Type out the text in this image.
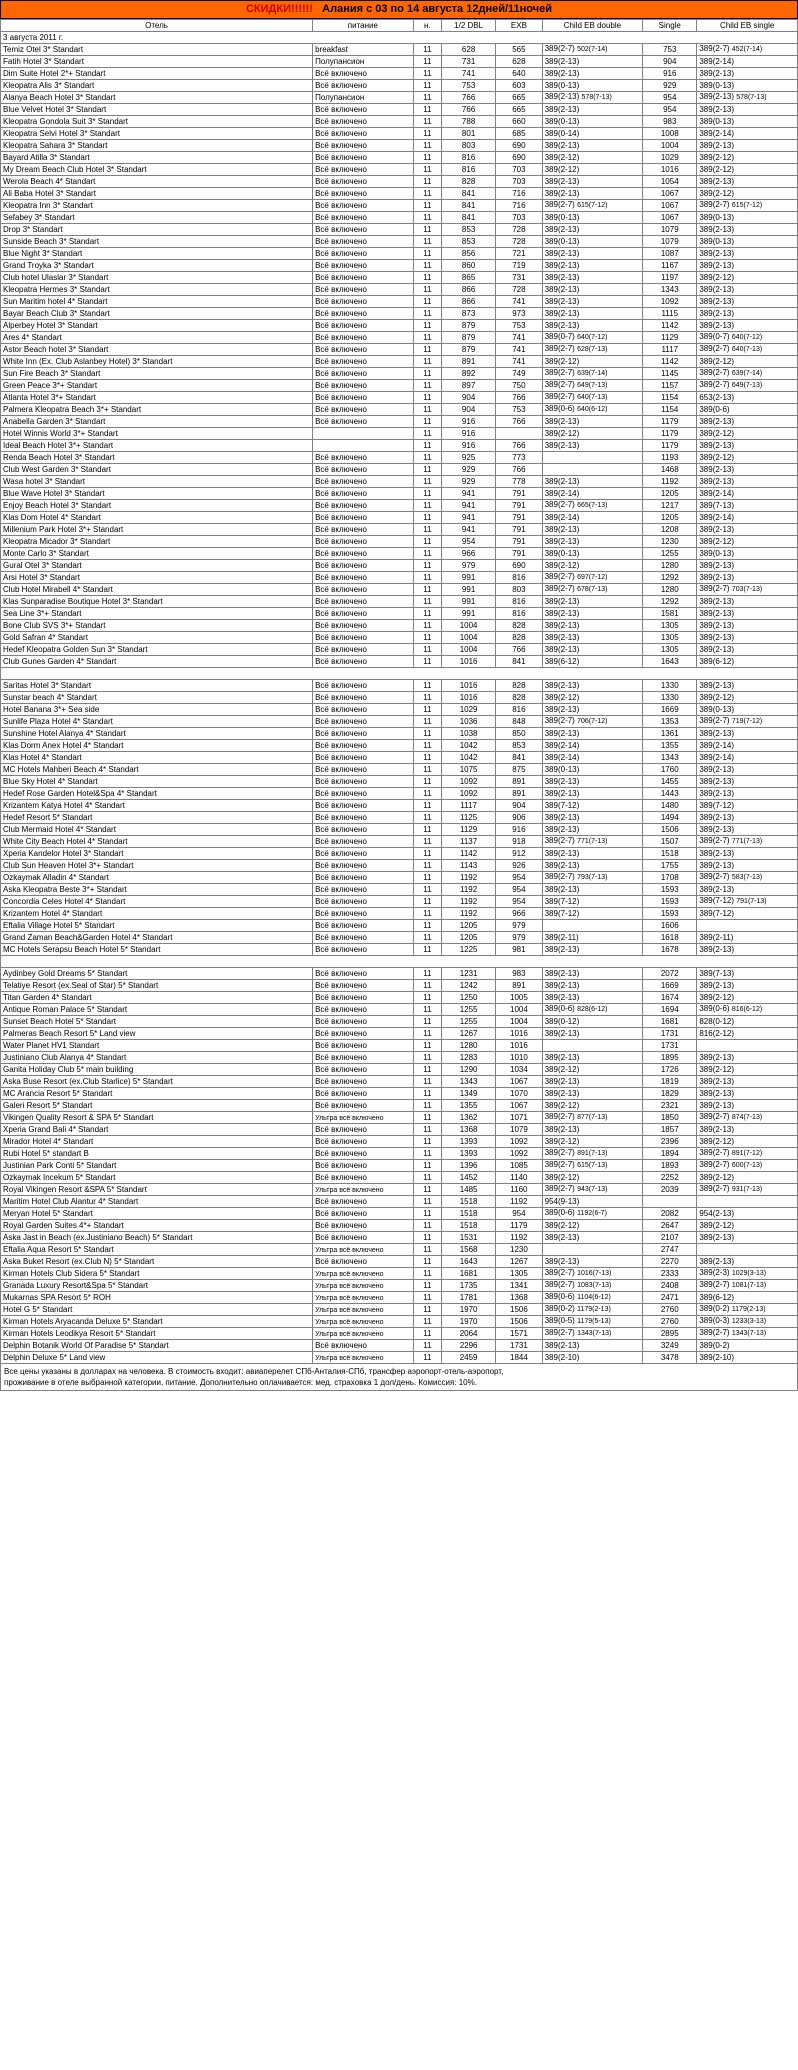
СКИДКИ!!!!!! Алания с 03 по 14 августа 12дней/11ночей
Отель	питание	н.	1/2 DBL	EXB	Child EB double	Single	Child EB single
3 августа 2011 г.							
Temiz Otel 3* Standart	breakfast	11	628	565	389(2-7) 502(7-14)	753	389(2-7) 452(7-14)
Fatih Hotel 3* Standart	Полупансион	11	731	628	389(2-13)	904	389(2-14)
Dim Suite Hotel 2*+ Standart	Всё включено	11	741	640	389(2-13)	916	389(2-13)
Kleopatra Alis 3* Standart	Всё включено	11	753	603	389(0-13)	929	389(0-13)
Alanya Beach Hotel 3* Standart	Полупансион	11	766	665	389(2-13) 578(7-13)	954	389(2-13) 578(7-13)
Blue Velvet Hotel 3* Standart	Всё включено	11	766	665	389(2-13)	954	389(2-13)
Kleopatra Gondola Suit 3* Standart	Всё включено	11	788	660	389(0-13)	983	389(0-13)
Kleopatra Selvi Hotel 3* Standart	Всё включено	11	801	685	389(0-14)	1008	389(2-14)
Kleopatra Sahara 3* Standart	Всё включено	11	803	690	389(2-13)	1004	389(2-13)
Bayard Atilla 3* Standart	Всё включено	11	816	690	389(2-12)	1029	389(2-12)
My Dream Beach Club Hotel 3* Standart	Всё включено	11	816	703	389(2-12)	1016	389(2-12)
Werola Beach 4* Standart	Всё включено	11	828	703	389(2-13)	1054	389(2-13)
Ali Baba Hotel 3* Standart	Всё включено	11	841	716	389(2-13)	1067	389(2-12)
Kleopatra Inn 3* Standart	Всё включено	11	841	716	389(2-7) 615(7-12)	1067	389(2-7) 615(7-12)
Sefabey 3* Standart	Всё включено	11	841	703	389(0-13)	1067	389(0-13)
Drop 3* Standart	Всё включено	11	853	728	389(2-13)	1079	389(2-13)
Sunside Beach 3* Standart	Всё включено	11	853	728	389(0-13)	1079	389(0-13)
Blue Night 3* Standart	Всё включено	11	856	721	389(2-13)	1087	389(2-13)
Grand Troyka 3* Standart	Всё включено	11	860	719	389(2-13)	1167	389(2-13)
Club hotel Ulaslar 3* Standart	Всё включено	11	865	731	389(2-13)	1197	389(2-12)
Kleopatra Hermes 3* Standart	Всё включено	11	866	728	389(2-13)	1343	389(2-13)
Sun Maritim hotel 4* Standart	Всё включено	11	866	741	389(2-13)	1092	389(2-13)
Bayar Beach Club 3* Standart	Всё включено	11	873	973	389(2-13)	1115	389(2-13)
Alperbey Hotel 3* Standart	Всё включено	11	879	753	389(2-13)	1142	389(2-13)
Ares 4* Standart	Всё включено	11	879	741	389(0-7) 640(7-12)	1129	389(0-7) 640(7-12)
Astor Beach hotel 3* Standart	Всё включено	11	879	741	389(2-7) 628(7-13)	1117	389(2-7) 640(7-13)
White Inn (Ex. Club Aslanbey Hotel) 3* Standart	Всё включено	11	891	741	389(2-12)	1142	389(2-12)
Sun Fire Beach 3* Standart	Всё включено	11	892	749	389(2-7) 639(7-14)	1145	389(2-7) 639(7-14)
Green Peace 3*+ Standart	Всё включено	11	897	750	389(2-7) 649(7-13)	1157	389(2-7) 649(7-13)
Atlanta Hotel 3*+ Standart	Всё включено	11	904	766	389(2-7) 640(7-13)	1154	653(2-13)
Palmera Kleopatra Beach 3*+ Standart	Всё включено	11	904	753	389(0-6) 640(6-12)	1154	389(0-6)
Anabella Garden 3* Standart	Всё включено	11	916	766	389(2-13)	1179	389(2-13)
Hotel Winnis World 3*+ Standart		11	916		389(2-12)	1179	389(2-12)
Ideal Beach Hotel 3*+ Standart		11	916	766	389(2-13)	1179	389(2-13)
Renda Beach Hotel 3* Standart	Всё включено	11	925	773		1193	389(2-12)
Club West Garden 3* Standart	Всё включено	11	929	766		1468	389(2-13)
Wasa hotel 3* Standart	Всё включено	11	929	778	389(2-13)	1192	389(2-13)
Blue Wave Hotel 3* Standart	Всё включено	11	941	791	389(2-14)	1205	389(2-14)
Enjoy Beach Hotel 3* Standart	Всё включено	11	941	791	389(2-7) 665(7-13)	1217	389(7-13)
Klas Dom Hotel 4* Standart	Всё включено	11	941	791	389(2-14)	1205	389(2-14)
Millenium Park Hotel 3*+ Standart	Всё включено	11	941	791	389(2-13)	1208	389(2-13)
Kleopatra Micador 3* Standart	Всё включено	11	954	791	389(2-13)	1230	389(2-12)
Monte Carlo 3* Standart	Всё включено	11	966	791	389(0-13)	1255	389(0-13)
Gural Otel 3* Standart	Всё включено	11	979	690	389(2-12)	1280	389(2-13)
Arsi Hotel 3* Standart	Всё включено	11	991	816	389(2-7) 697(7-12)	1292	389(2-13)
Club Hotel Mirabell 4* Standart	Всё включено	11	991	803	389(2-7) 678(7-13)	1280	389(2-7) 703(7-13)
Klas Sunparadise Boutique Hotel 3* Standart	Всё включено	11	991	816	389(2-13)	1292	389(2-13)
Sea Line 3*+ Standart	Всё включено	11	991	816	389(2-13)	1581	389(2-13)
Bone Club SVS 3*+ Standart	Всё включено	11	1004	828	389(2-13)	1305	389(2-13)
Gold Safran 4* Standart	Всё включено	11	1004	828	389(2-13)	1305	389(2-13)
Hedef Kleopatra Golden Sun 3* Standart	Всё включено	11	1004	766	389(2-13)	1305	389(2-13)
Club Gunes Garden 4* Standart	Всё включено	11	1016	841	389(6-12)	1643	389(6-12)

Saritas Hotel 3* Standart	Всё включено	11	1016	828	389(2-13)	1330	389(2-13)
Sunstar beach 4* Standart	Всё включено	11	1016	828	389(2-12)	1330	389(2-12)
Hotel Banana 3*+ Sea side	Всё включено	11	1029	816	389(2-13)	1669	389(0-13)
Sunlife Plaza Hotel 4* Standart	Всё включено	11	1036	848	389(2-7) 706(7-12)	1353	389(2-7) 719(7-12)
Sunshine Hotel Alanya 4* Standart	Всё включено	11	1038	850	389(2-13)	1361	389(2-13)
Klas Dorm Anex Hotel 4* Standart	Всё включено	11	1042	853	389(2-14)	1355	389(2-14)
Klas Hotel 4* Standart	Всё включено	11	1042	841	389(2-14)	1343	389(2-14)
MC Hotels Mahberi Beach 4* Standart	Всё включено	11	1075	875	389(0-13)	1760	389(2-13)
Blue Sky Hotel 4* Standart	Всё включено	11	1092	891	389(2-13)	1455	389(2-13)
Hedef Rose Garden Hotel&Spa 4* Standart	Всё включено	11	1092	891	389(2-13)	1443	389(2-13)
Krizantem Katya Hotel 4* Standart	Всё включено	11	1117	904	389(7-12)	1480	389(7-12)
Hedef Resort 5* Standart	Всё включено	11	1125	906	389(2-13)	1494	389(2-13)
Club Mermaid Hotel 4* Standart	Всё включено	11	1129	916	389(2-13)	1506	389(2-13)
White City Beach Hotel 4* Standart	Всё включено	11	1137	918	389(2-7) 771(7-13)	1507	389(2-7) 771(7-13)
Xperia Kandelor Hotel 3* Standart	Всё включено	11	1142	912	389(2-13)	1518	389(2-13)
Club Sun Heaven Hotel 3*+ Standart	Всё включено	11	1143	926	389(2-13)	1755	389(2-13)
Ozkaymak Alladin 4* Standart	Всё включено	11	1192	954	389(2-7) 793(7-13)	1708	389(2-7) 583(7-13)
Aska Kleopatra Beste 3*+ Standart	Всё включено	11	1192	954	389(2-13)	1593	389(2-13)
Concordia Celes Hotel 4* Standart	Всё включено	11	1192	954	389(7-12)	1593	389(7-12) 791(7-13)
Krizantem Hotel 4* Standart	Всё включено	11	1192	966	389(7-12)	1593	389(7-12)
Eftalia Village Hotel 5* Standart	Всё включено	11	1205	979		1606	
Grand Zaman Beach&Garden Hotel 4* Standart	Всё включено	11	1205	979	389(2-11)	1618	389(2-11)
MC Hotels Serapsu Beach Hotel 5* Standart	Всё включено	11	1225	981	389(2-13)	1678	389(2-13)

Aydinbey Gold Dreams 5* Standart	Всё включено	11	1231	983	389(2-13)	2072	389(7-13)
Telatiye Resort (ex.Seal of Star) 5* Standart	Всё включено	11	1242	891	389(2-13)	1669	389(2-13)
Titan Garden 4* Standart	Всё включено	11	1250	1005	389(2-13)	1674	389(2-12)
Antique Roman Palace 5* Standart	Всё включено	11	1255	1004	389(0-6) 828(6-12)	1694	389(0-6) 816(6-12)
Sunset Beach Hotel 5* Standart	Всё включено	11	1255	1004	389(0-12)	1681	828(0-12)
Palmeras Beach Resort 5* Land view	Всё включено	11	1267	1016	389(2-13)	1731	816(2-12)
Water Planet HV1 Standart	Всё включено	11	1280	1016		1731	
Justiniano Club Alanya 4* Standart	Всё включено	11	1283	1010	389(2-13)	1895	389(2-13)
Ganita Holiday Club 5* main building	Всё включено	11	1290	1034	389(2-12)	1726	389(2-12)
Aska Buse Resort (ex.Club Starlice) 5* Standart	Всё включено	11	1343	1067	389(2-13)	1819	389(2-13)
MC Arancia Resort 5* Standart	Всё включено	11	1349	1070	389(2-13)	1829	389(2-13)
Galeri Resort 5* Standart	Всё включено	11	1355	1067	389(2-12)	2321	389(2-13)
Vikingen Quality Resort & SPA 5* Standart	Ультра всё включено	11	1362	1071	389(2-7) 877(7-13)	1850	389(2-7) 874(7-13)
Xperia Grand Bali 4* Standart	Всё включено	11	1368	1079	389(2-13)	1857	389(2-13)
Mirador Hotel 4* Standart	Всё включено	11	1393	1092	389(2-12)	2396	389(2-12)
Rubi Hotel 5* standart B	Всё включено	11	1393	1092	389(2-7) 891(7-13)	1894	389(2-7) 891(7-12)
Justinian Park Conti 5* Standart	Всё включено	11	1396	1085	389(2-7) 615(7-13)	1893	389(2-7) 600(7-13)
Ozkaymak Incekum 5* Standart	Всё включено	11	1452	1140	389(2-12)	2252	389(2-12)
Royal Vikingen Resort &SPA 5* Standart	Ультра всё включено	11	1485	1160	389(2-7) 943(7-13)	2039	389(2-7) 931(7-13)
Maritim Hotel Club Alantur 4* Standart	Всё включено	11	1518	1192	954(9-13)		
Meryan Hotel 5* Standart	Всё включено	11	1518	954	389(0-6) 1192(6-7)	2082	954(2-13)
Royal Garden Suites 4*+ Standart	Всё включено	11	1518	1179	389(2-12)	2647	389(2-12)
Aska Jast in Beach (ex.Justiniano Beach) 5* Standart	Всё включено	11	1531	1192	389(2-13)	2107	389(2-13)
Eftalia Aqua Resort 5* Standart	Ультра всё включено	11	1568	1230		2747	
Aska Buket Resort (ex.Club N) 5* Standart	Всё включено	11	1643	1267	389(2-13)	2270	389(2-13)
Kirman Hotels Club Sidera 5* Standart	Ультра всё включено	11	1681	1305	389(2-7) 1016(7-13)	2333	389(2-3) 1029(3-13)
Granada Luxury Resort&Spa 5* Standart	Ультра всё включено	11	1735	1341	389(2-7) 1083(7-13)	2408	389(2-7) 1081(7-13)
Mukarnas SPA Resort 5* ROH	Ультра всё включено	11	1781	1368	389(0-6) 1104(6-12)	2471	389(6-12)
Hotel G 5* Standart	Ультра всё включено	11	1970	1506	389(0-2) 1179(2-13)	2760	389(0-2) 1179(2-13)
Kirman Hotels Aryacanda Deluxe 5* Standart	Ультра всё включено	11	1970	1506	389(0-5) 1179(5-13)	2760	389(0-3) 1233(3-13)
Kirman Hotels Leodikya Resort 5* Standart	Ультра всё включено	11	2064	1571	389(2-7) 1343(7-13)	2895	389(2-7) 1343(7-13)
Delphin Botanik World Of Paradise 5* Standart	Всё включено	11	2296	1731	389(2-13)	3249	389(0-2)
Delphin Deluxe 5* Land view	Ультра всё включено	11	2459	1844	389(2-10)	3478	389(2-10)
Все цены указаны в долларах на человека. В стоимость входит: авиаперелет СПб-Анталия-СПб, трансфер аэропорт-отель-аэропорт,
проживание в отеле выбранной категории, питание. Дополнительно оплачивается: мед. страховка 1 дол/день. Комиссия: 10%.
